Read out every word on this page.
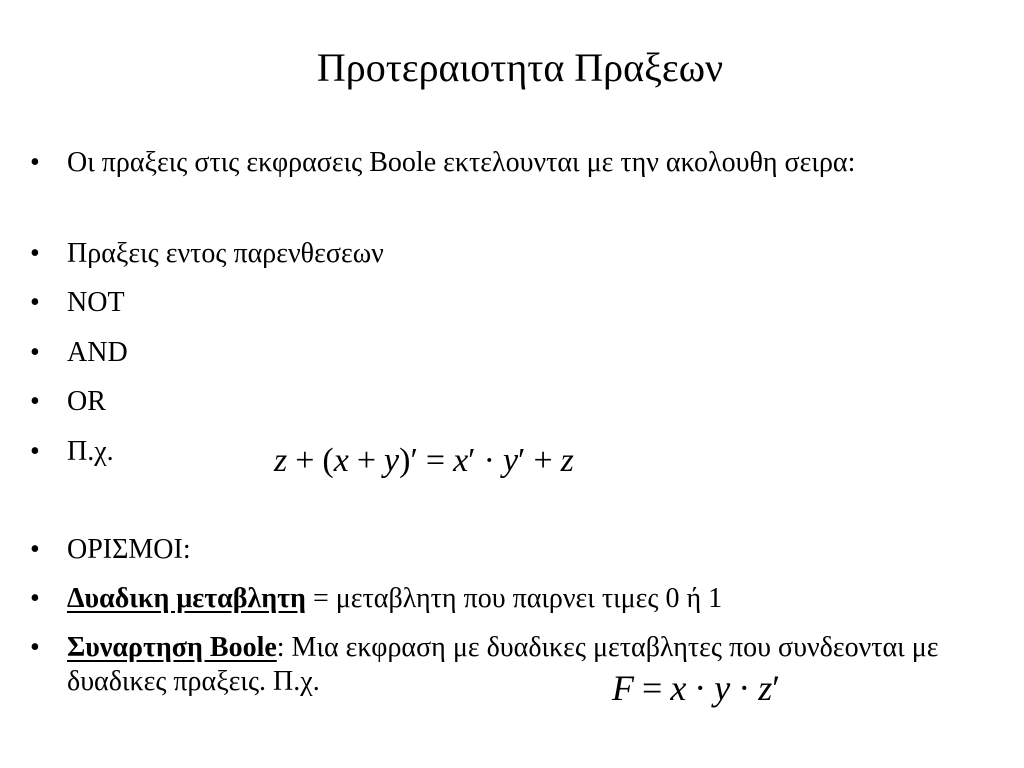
Προτεραιοτητα Πραξεων
• Οι πραξεις στις εκφρασεις Boole εκτελουνται με την ακολουθη σειρα:
• Πραξεις εντος παρενθεσεων
• NOT
• AND
• OR
• Π.χ.
• ΟΡΙΣΜΟΙ:
• Δυαδικη μεταβλητη = μεταβλητη που παιρνει τιμες 0 ή 1
• Συναρτηση Boole: Μια εκφραση με δυαδικες μεταβλητες που συνδεονται με δυαδικες πραξεις. Π.χ.
z + (x + y)′ = x′ · y′ + z
F = x · y · z′
